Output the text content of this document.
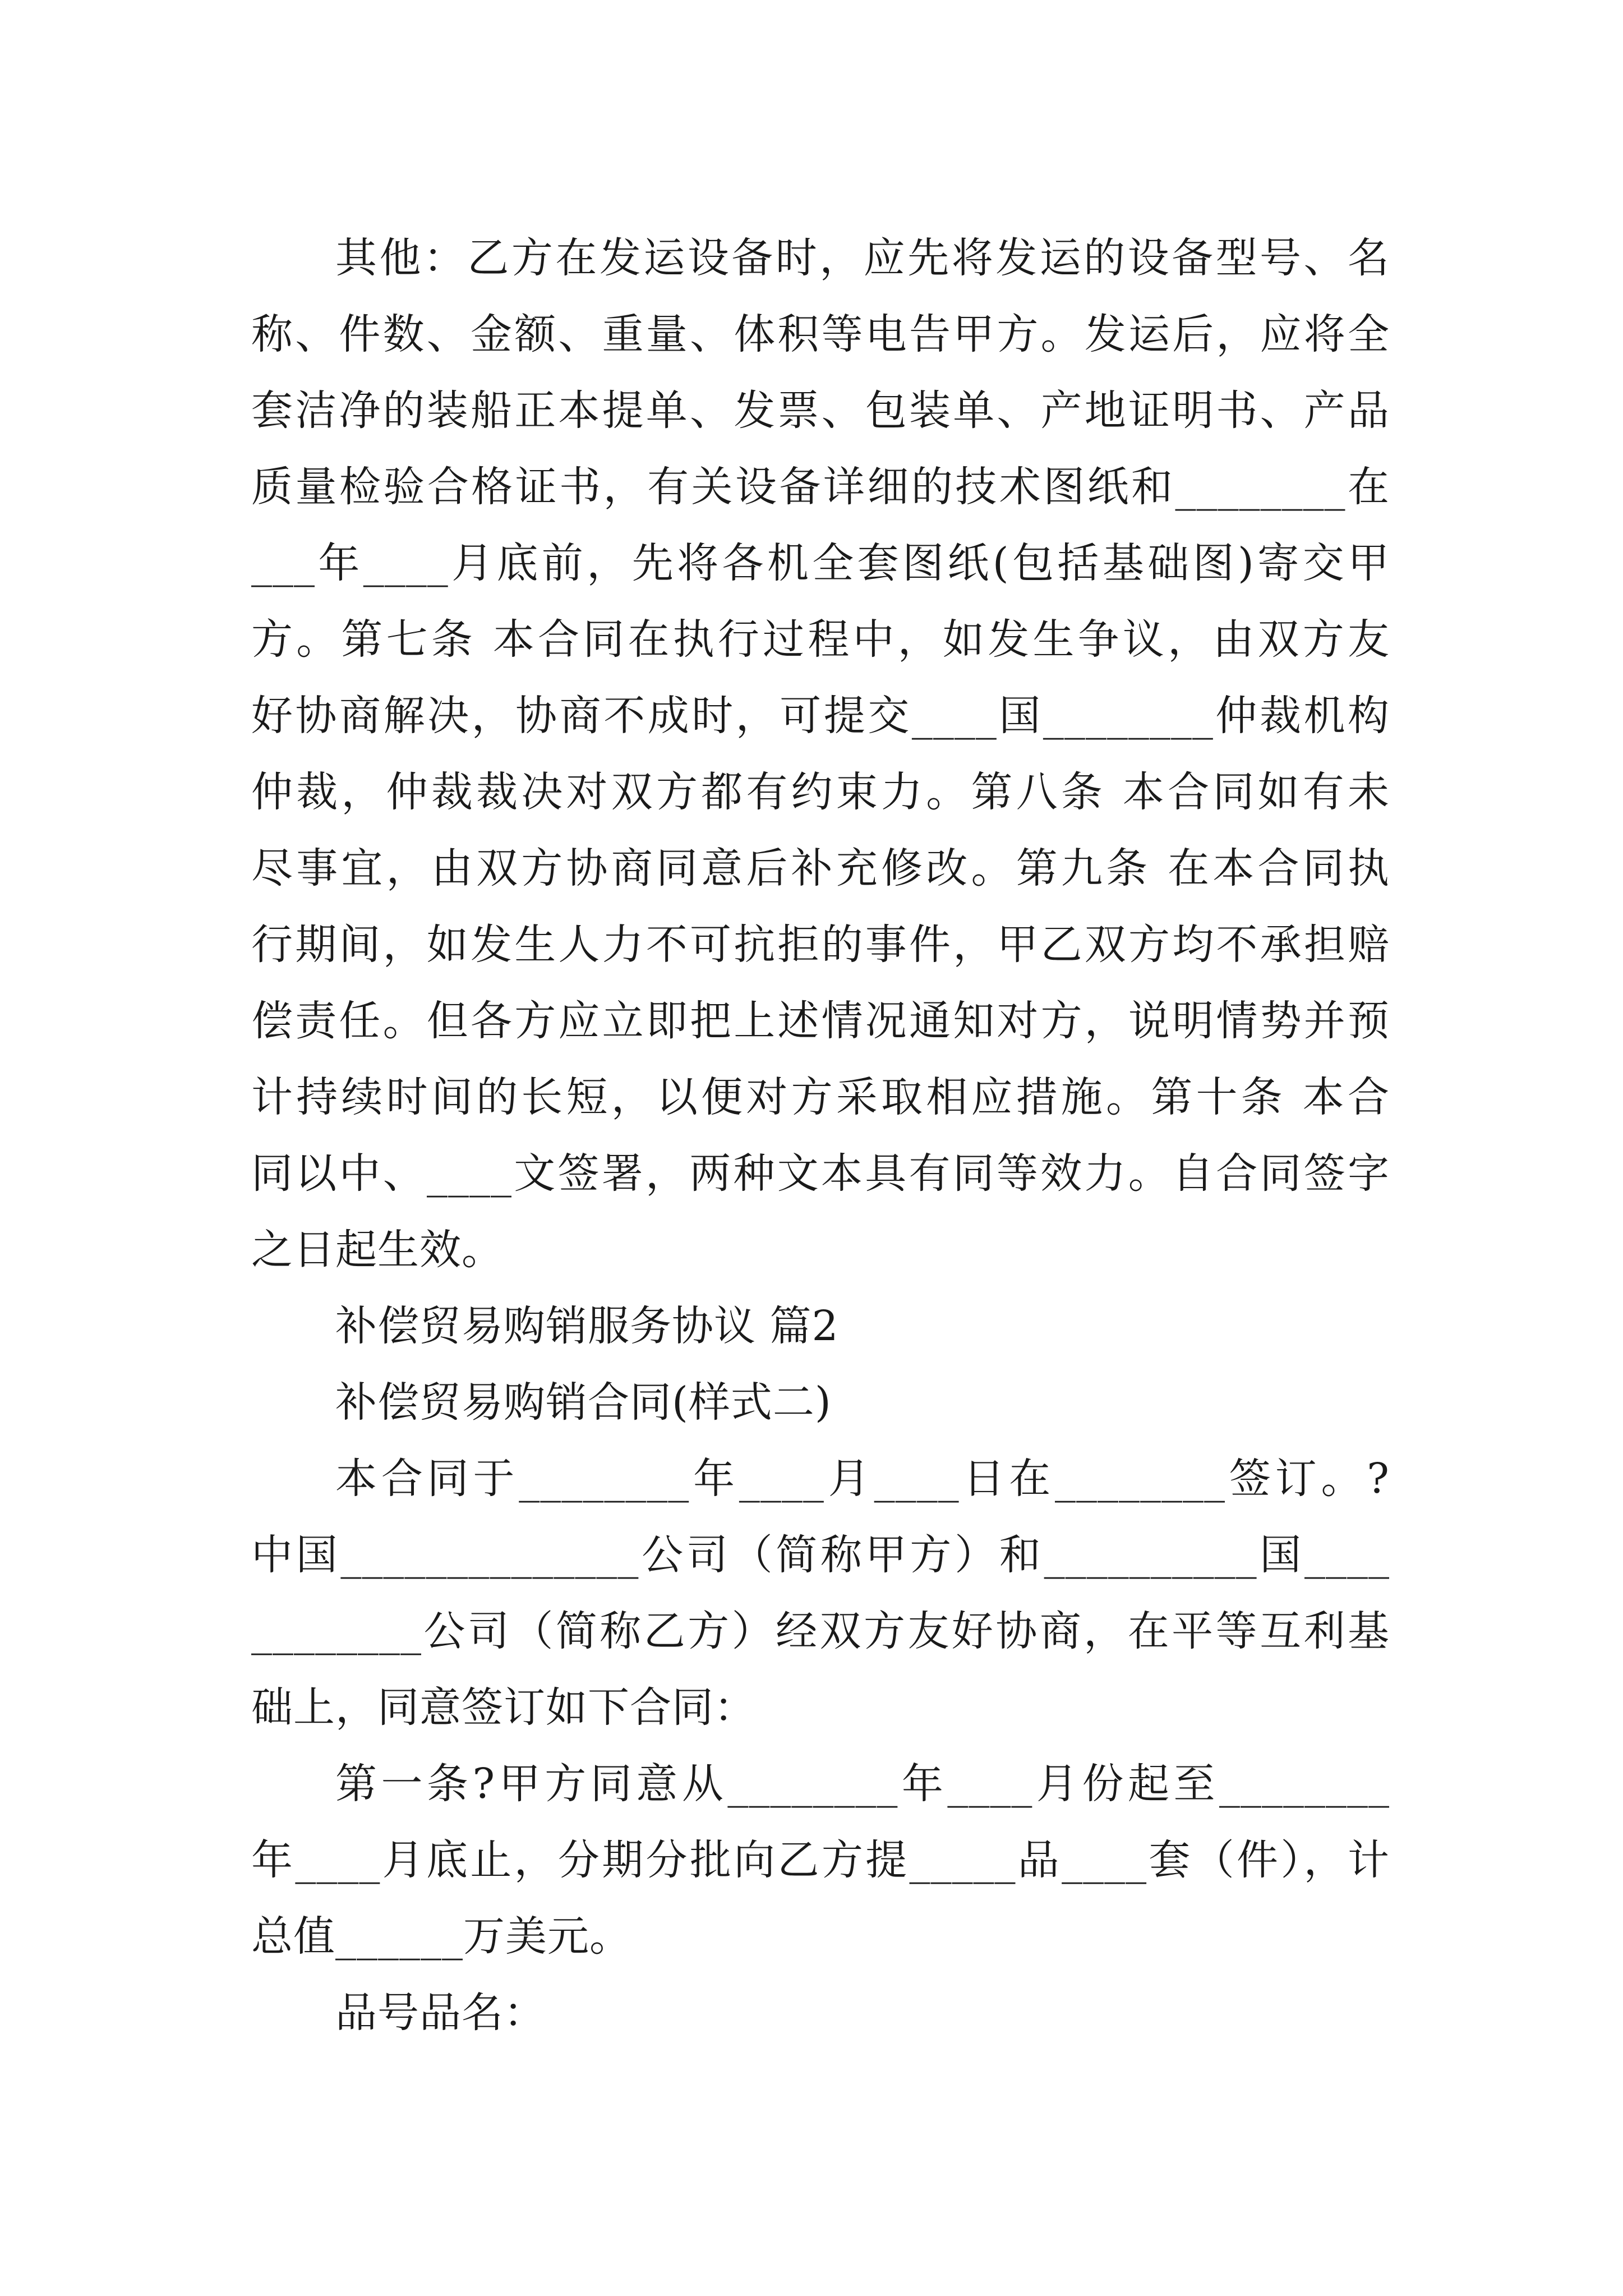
其他：乙方在发运设备时，应先将发运的设备型号、名
称、件数、金额、重量、体积等电告甲方。发运后，应将全
套洁净的装船正本提单、发票、包装单、产地证明书、产品
质量检验合格证书，有关设备详细的技术图纸和________在
___年____月底前，先将各机全套图纸(包括基础图)寄交甲
方。第七条 本合同在执行过程中，如发生争议，由双方友
好协商解决，协商不成时，可提交____国________仲裁机构
仲裁，仲裁裁决对双方都有约束力。第八条 本合同如有未
尽事宜，由双方协商同意后补充修改。第九条 在本合同执
行期间，如发生人力不可抗拒的事件，甲乙双方均不承担赔
偿责任。但各方应立即把上述情况通知对方，说明情势并预
计持续时间的长短，以便对方采取相应措施。第十条 本合
同以中、____文签署，两种文本具有同等效力。自合同签字
之日起生效。
补偿贸易购销服务协议 篇2
补偿贸易购销合同(样式二)
本合同于________年____月____日在________签订。?
中国______________公司（简称甲方）和__________国____
________公司（简称乙方）经双方友好协商，在平等互利基
础上，同意签订如下合同：
第一条?甲方同意从________年____月份起至________
年____月底止，分期分批向乙方提_____品____套（件），计
总值______万美元。
品号品名：
